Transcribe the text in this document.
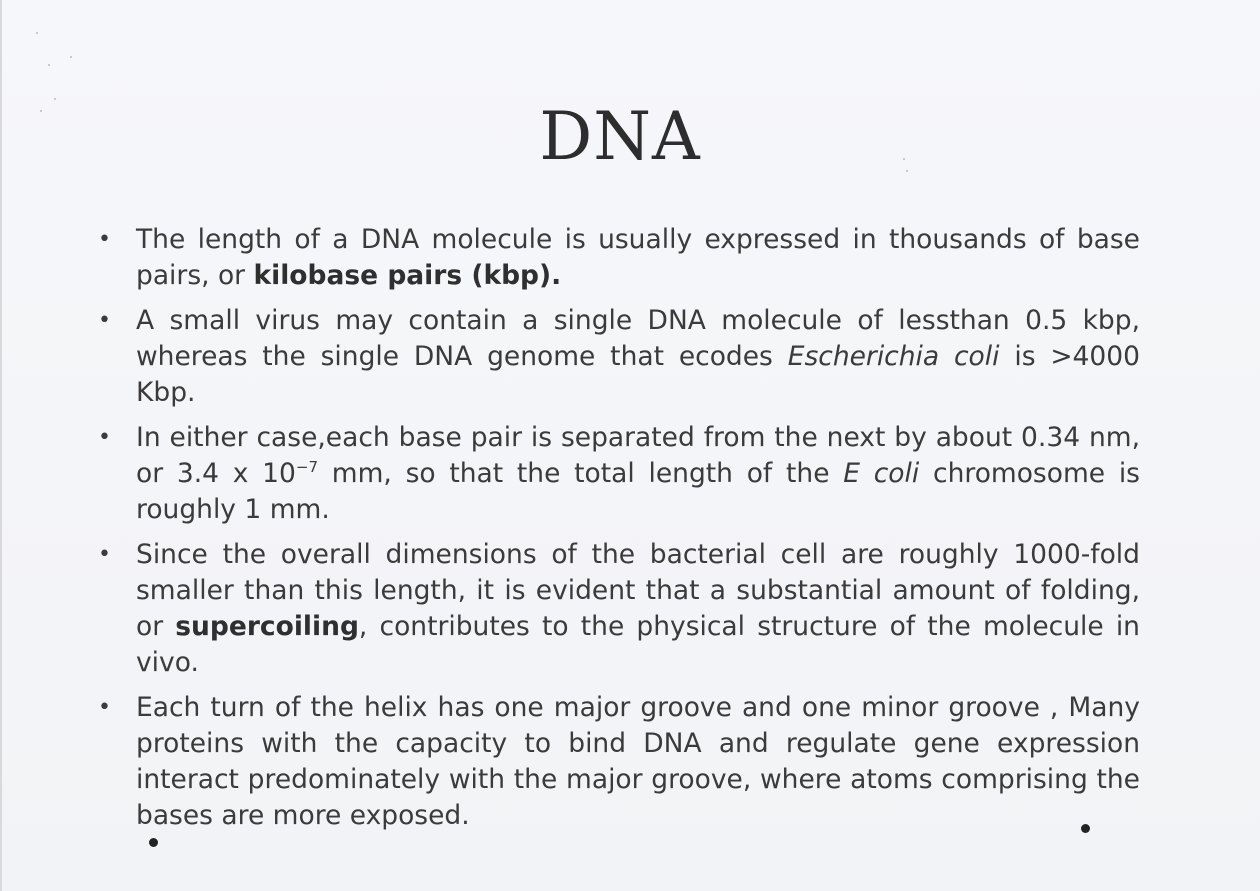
DNA
• The length of a DNA molecule is usually expressed in thousands of base pairs, or kilobase pairs (kbp).
• A small virus may contain a single DNA molecule of lessthan 0.5 kbp, whereas the single DNA genome that ecodes Escherichia coli is >4000 Kbp.
• In either case,each base pair is separated from the next by about 0.34 nm, or 3.4 x $10^{-7}$ mm, so that the total length of the E coli chromosome is roughly 1 mm.
• Since the overall dimensions of the bacterial cell are roughly 1000-fold smaller than this length, it is evident that a substantial amount of folding, or supercoiling, contributes to the physical structure of the molecule in vivo.
• Each turn of the helix has one major groove and one minor groove , Many proteins with the capacity to bind DNA and regulate gene expression interact predominately with the major groove, where atoms comprising the bases are more exposed.
